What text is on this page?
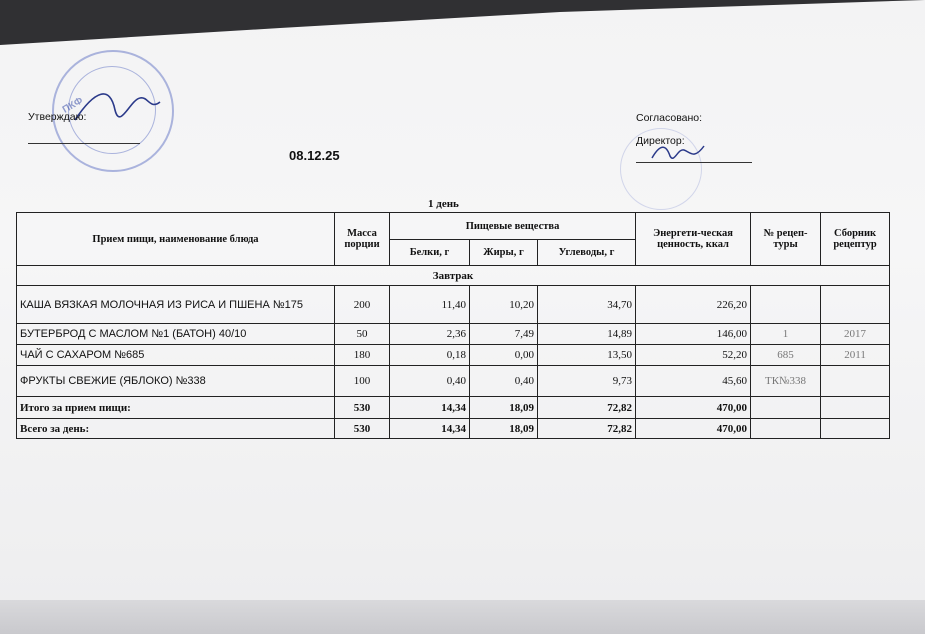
ПКФ
Утверждаю:
08.12.25
Согласовано:
Директор:
1 день
Прием пищи, наименование блюда	Масса порции	Пищевые вещества			Энергети-ческая ценность, ккал	№ рецеп-туры	Сборник рецептур
		Белки, г	Жиры, г	Углеводы, г			
Завтрак							
КАША ВЯЗКАЯ МОЛОЧНАЯ ИЗ РИСА И ПШЕНА №175	200	11,40	10,20	34,70	226,20		
БУТЕРБРОД С МАСЛОМ №1 (БАТОН) 40/10	50	2,36	7,49	14,89	146,00	1	2017
ЧАЙ С САХАРОМ №685	180	0,18	0,00	13,50	52,20	685	2011
ФРУКТЫ СВЕЖИЕ (ЯБЛОКО) №338	100	0,40	0,40	9,73	45,60	ТК№338	
Итого за прием пищи:	530	14,34	18,09	72,82	470,00		
Всего за день:	530	14,34	18,09	72,82	470,00		
